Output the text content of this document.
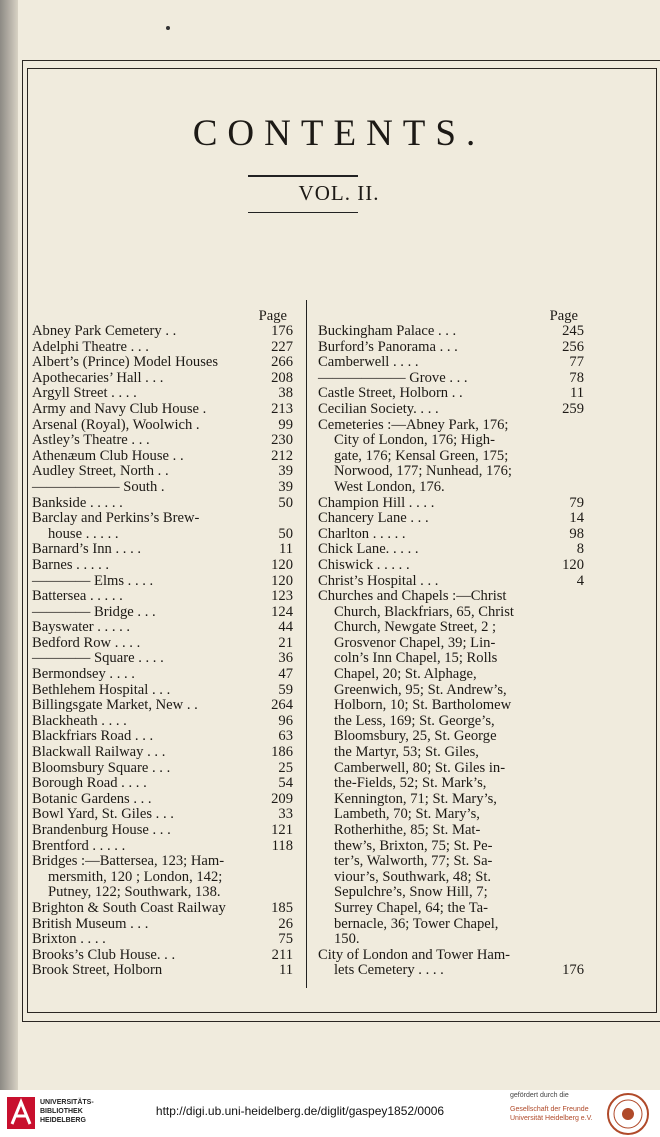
CONTENTS.
VOL. II.
Page
Abney Park Cemetery . .	176
Adelphi Theatre . . .	227
Albert’s (Prince) Model Houses	266
Apothecaries’ Hall . . .	208
Argyll Street . . . .	38
Army and Navy Club House .	213
Arsenal (Royal), Woolwich .	99
Astley’s Theatre . . .	230
Athenæum Club House . .	212
Audley Street, North . .	39
—————— South .	39
Bankside . . . . .	50
Barclay and Perkins’s Brew-
house . . . . .	50
Barnard’s Inn . . . .	11
Barnes . . . . .	120
———— Elms . . . .	120
Battersea . . . . .	123
———— Bridge . . .	124
Bayswater . . . . .	44
Bedford Row . . . .	21
———— Square . . . .	36
Bermondsey . . . .	47
Bethlehem Hospital . . .	59
Billingsgate Market, New . .	264
Blackheath . . . .	96
Blackfriars Road . . .	63
Blackwall Railway . . .	186
Bloomsbury Square . . .	25
Borough Road . . . .	54
Botanic Gardens . . .	209
Bowl Yard, St. Giles . . .	33
Brandenburg House . . .	121
Brentford . . . . .	118
Bridges :—Battersea, 123; Ham-
mersmith, 120 ; London, 142;
Putney, 122; Southwark, 138.
Brighton & South Coast Railway	185
British Museum . . .	26
Brixton . . . .	75
Brooks’s Club House. . .	211
Brook Street, Holborn	11
Page
Buckingham Palace . . .	245
Burford’s Panorama . . .	256
Camberwell . . . .	77
—————— Grove . . .	78
Castle Street, Holborn . .	11
Cecilian Society. . . .	259
Cemeteries :—Abney Park, 176;
City of London, 176; High-
gate, 176; Kensal Green, 175;
Norwood, 177; Nunhead, 176;
West London, 176.
Champion Hill . . . .	79
Chancery Lane . . .	14
Charlton . . . . .	98
Chick Lane. . . . .	8
Chiswick . . . . .	120
Christ’s Hospital . . .	4
Churches and Chapels :—Christ
Church, Blackfriars, 65, Christ
Church, Newgate Street, 2 ;
Grosvenor Chapel, 39; Lin-
coln’s Inn Chapel, 15; Rolls
Chapel, 20; St. Alphage,
Greenwich, 95; St. Andrew’s,
Holborn, 10; St. Bartholomew
the Less, 169; St. George’s,
Bloomsbury, 25, St. George
the Martyr, 53; St. Giles,
Camberwell, 80; St. Giles in-
the-Fields, 52; St. Mark’s,
Kennington, 71; St. Mary’s,
Lambeth, 70; St. Mary’s,
Rotherhithe, 85; St. Mat-
thew’s, Brixton, 75; St. Pe-
ter’s, Walworth, 77; St. Sa-
viour’s, Southwark, 48; St.
Sepulchre’s, Snow Hill, 7;
Surrey Chapel, 64; the Ta-
bernacle, 36; Tower Chapel,
150.
City of London and Tower Ham-
lets Cemetery . . . .	176
UNIVERSITÄTS-
BIBLIOTHEK
HEIDELBERG
http://digi.ub.uni-heidelberg.de/diglit/gaspey1852/0006
gefördert durch die
Gesellschaft der Freunde
Universität Heidelberg e.V.
